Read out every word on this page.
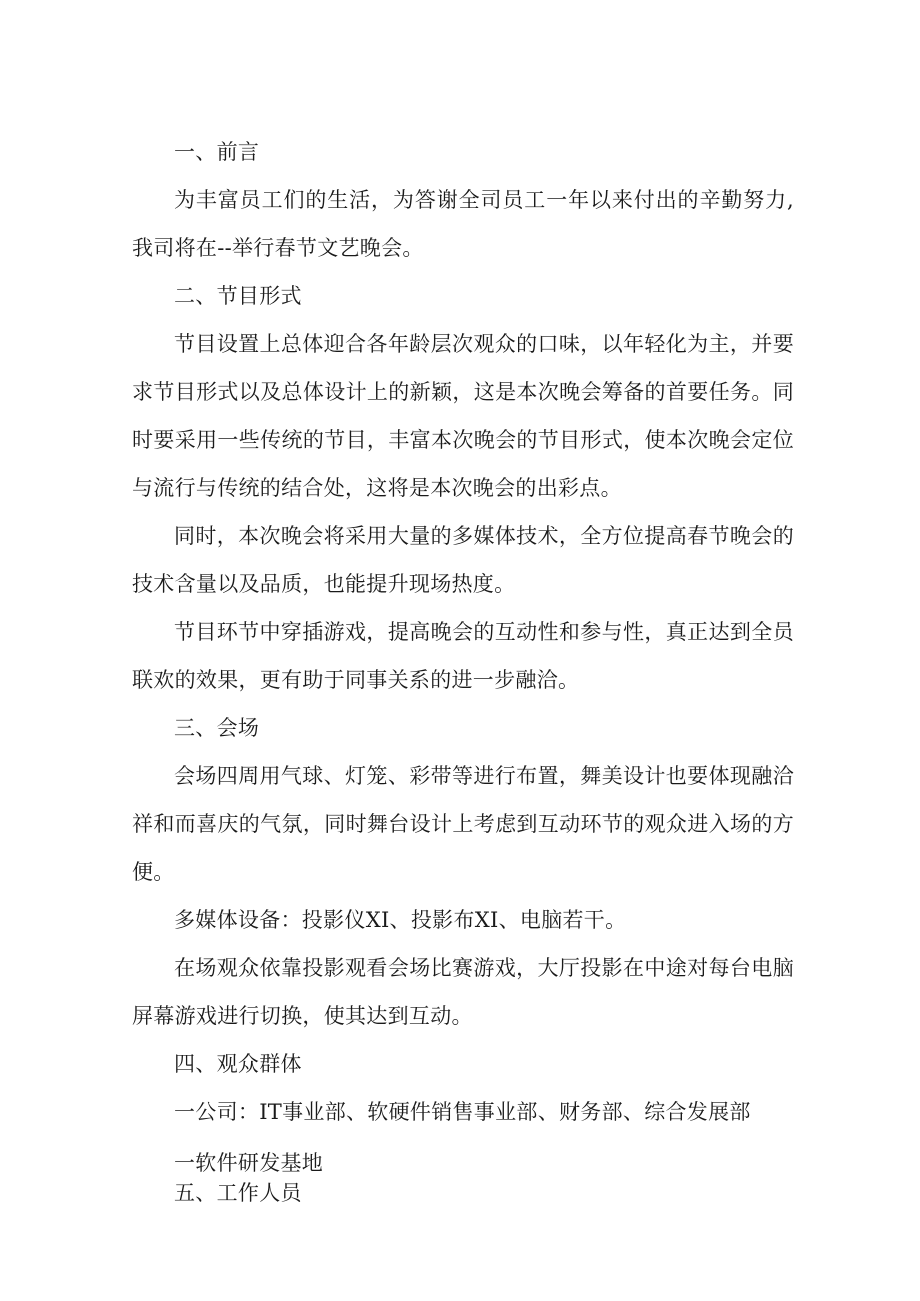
一、前言

为丰富员工们的生活，为答谢全司员工一年以来付出的辛勤努力,我司将在--举行春节文艺晚会。

二、节目形式

节目设置上总体迎合各年龄层次观众的口味，以年轻化为主，并要求节目形式以及总体设计上的新颖，这是本次晚会筹备的首要任务。同时要采用一些传统的节目，丰富本次晚会的节目形式，使本次晚会定位与流行与传统的结合处，这将是本次晚会的出彩点。

同时，本次晚会将采用大量的多媒体技术，全方位提高春节晚会的技术含量以及品质，也能提升现场热度。

节目环节中穿插游戏，提高晚会的互动性和参与性，真正达到全员联欢的效果，更有助于同事关系的进一步融洽。

三、会场

会场四周用气球、灯笼、彩带等进行布置，舞美设计也要体现融洽祥和而喜庆的气氛，同时舞台设计上考虑到互动环节的观众进入场的方便。

多媒体设备：投影仪XI、投影布XI、电脑若干。

在场观众依靠投影观看会场比赛游戏，大厅投影在中途对每台电脑屏幕游戏进行切换，使其达到互动。

四、观众群体

一公司：IT事业部、软硬件销售事业部、财务部、综合发展部

一软件研发基地

五、工作人员
